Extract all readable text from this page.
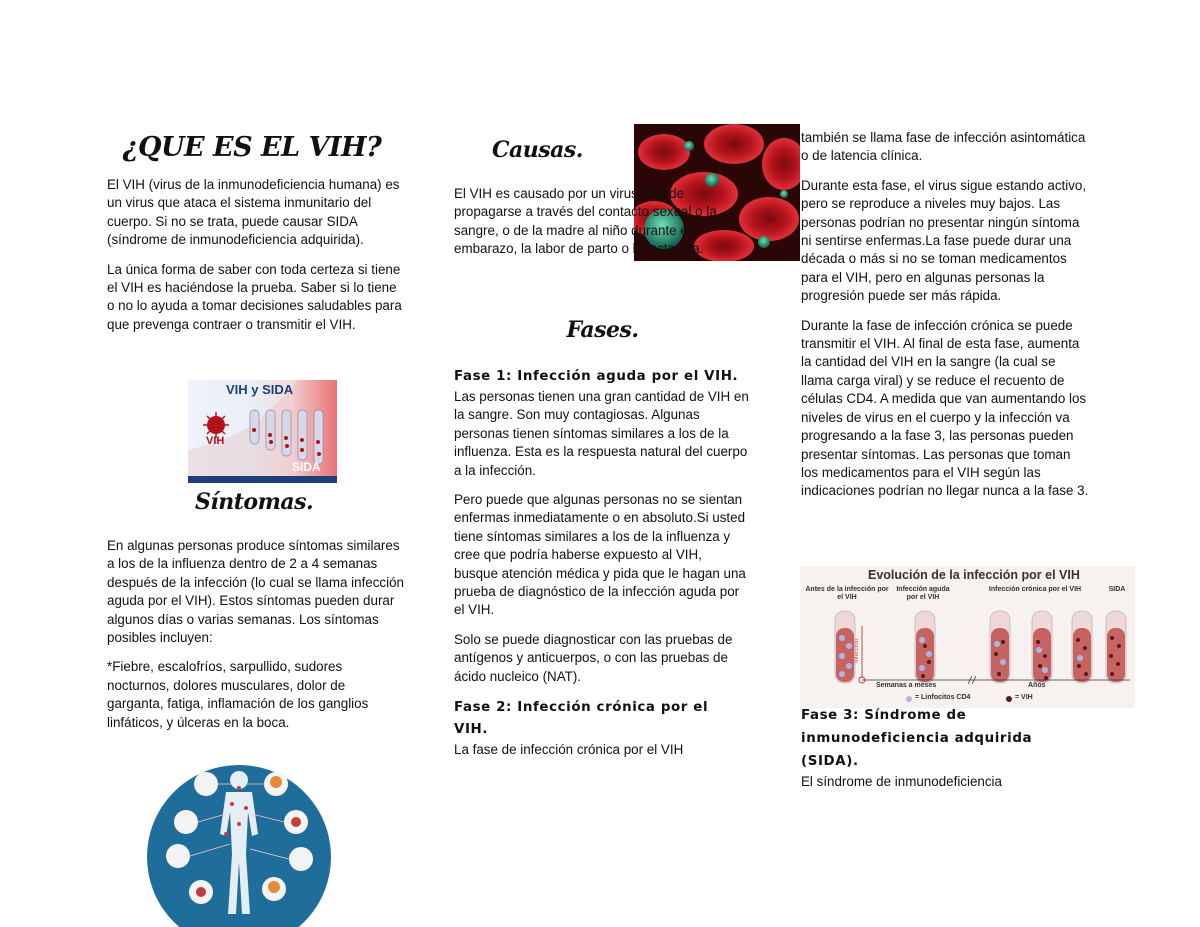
¿QUE ES EL VIH?

El VIH (virus de la inmunodeficiencia humana) es un virus que ataca el sistema inmunitario del cuerpo. Si no se trata, puede causar SIDA (síndrome de inmunodeficiencia adquirida).

La única forma de saber con toda certeza si tiene el VIH es haciéndose la prueba. Saber si lo tiene o no lo ayuda a tomar decisiones saludables para que prevenga contraer o transmitir el VIH.

VIH y SIDA
VIH
SIDA
Síntomas.

En algunas personas produce síntomas similares a los de la influenza dentro de 2 a 4 semanas después de la infección (lo cual se llama infección aguda por el VIH). Estos síntomas pueden durar algunos días o varias semanas. Los síntomas posibles incluyen:

*Fiebre, escalofríos, sarpullido, sudores nocturnos, dolores musculares, dolor de garganta, fatiga, inflamación de los ganglios linfáticos, y úlceras en la boca.

Causas.
El VIH es causado por un virus. Puede propagarse a través del contacto sexual o la sangre, o de la madre al niño durante el embarazo, la labor de parto o la lactancia.
Fases.
Fase 1: Infección aguda por el VIH.

Las personas tienen una gran cantidad de VIH en la sangre. Son muy contagiosas. Algunas personas tienen síntomas similares a los de la influenza. Esta es la respuesta natural del cuerpo a la infección.

Pero puede que algunas personas no se sientan enfermas inmediatamente o en absoluto.Si usted tiene síntomas similares a los de la influenza y cree que podría haberse expuesto al VIH, busque atención médica y pida que le hagan una prueba de diagnóstico de la infección aguda por el VIH.

Solo se puede diagnosticar con las pruebas de antígenos y anticuerpos, o con las pruebas de ácido nucleico (NAT).

Fase 2: Infección crónica por el VIH.

La fase de infección crónica por el VIH

también se llama fase de infección asintomática o de latencia clínica.

Durante esta fase, el virus sigue estando activo, pero se reproduce a niveles muy bajos. Las personas podrían no presentar ningún síntoma ni sentirse enfermas.La fase puede durar una década o más si no se toman medicamentos para el VIH, pero en algunas personas la progresión puede ser más rápida.

Durante la fase de infección crónica se puede transmitir el VIH. Al final de esta fase, aumenta la cantidad del VIH en la sangre (la cual se llama carga viral) y se reduce el recuento de células CD4. A medida que van aumentando los niveles de virus en el cuerpo y la infección va progresando a la fase 3, las personas pueden presentar síntomas. Las personas que toman los medicamentos para el VIH según las indicaciones podrían no llegar nunca a la fase 3.

Evolución de la infección por el VIH
Antes de la infección por el VIH
Infección aguda por el VIH
Infección crónica por el VIH	SIDA
Infección
Semanas a meses	Años
= Linfocitos CD4	= VIH
Fase 3: Síndrome de inmunodeficiencia adquirida (SIDA).

El síndrome de inmunodeficiencia
